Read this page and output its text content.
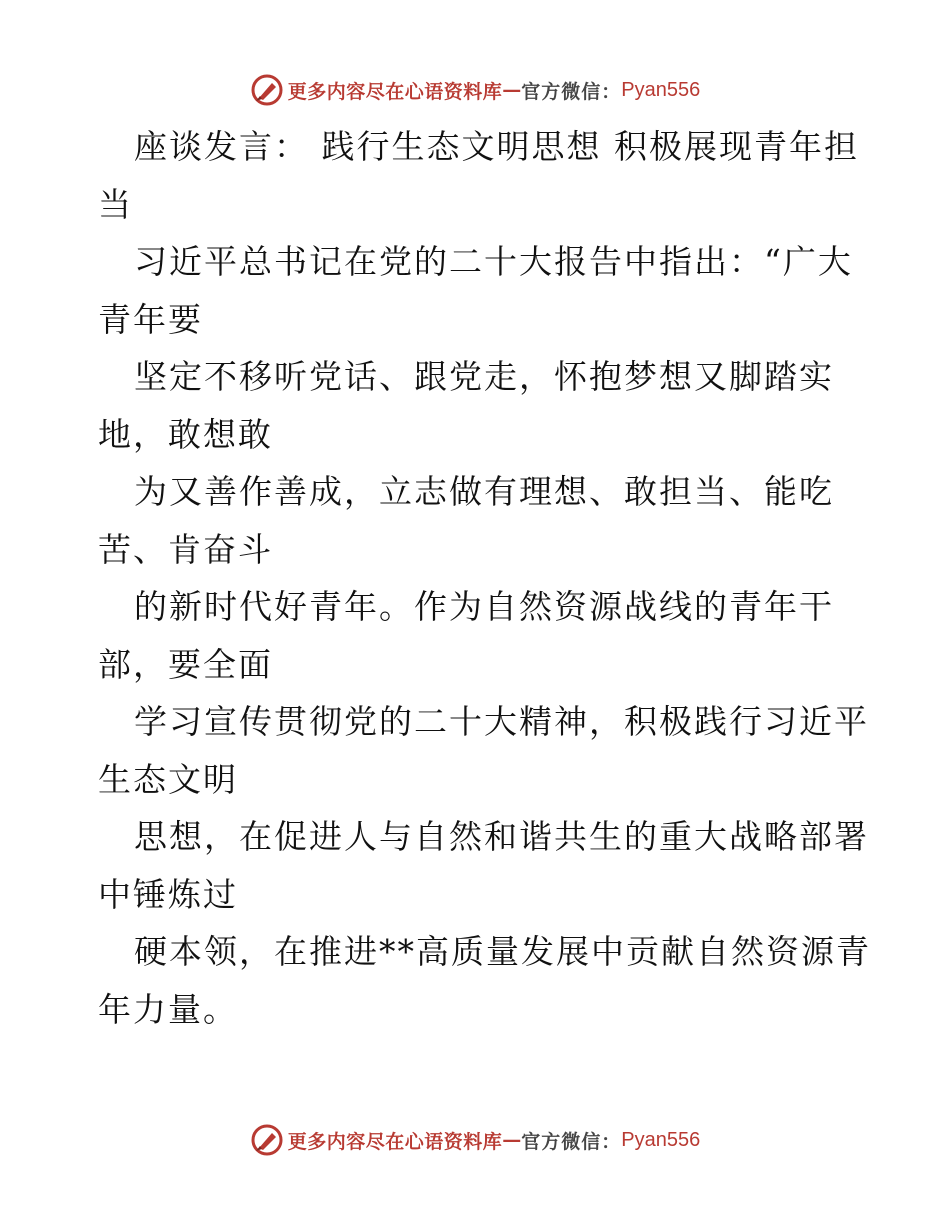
更多内容尽在心语资料库 — 官方微信： Pyan556
座谈发言： 践行生态文明思想 积极展现青年担
当
习近平总书记在党的二十大报告中指出：“广大
青年要
坚定不移听党话、跟党走，怀抱梦想又脚踏实
地，敢想敢
为又善作善成，立志做有理想、敢担当、能吃
苦、肯奋斗
的新时代好青年。作为自然资源战线的青年干
部，要全面
学习宣传贯彻党的二十大精神，积极践行习近平
生态文明
思想，在促进人与自然和谐共生的重大战略部署
中锤炼过
硬本领，在推进**高质量发展中贡献自然资源青
年力量。
更多内容尽在心语资料库 — 官方微信： Pyan556
